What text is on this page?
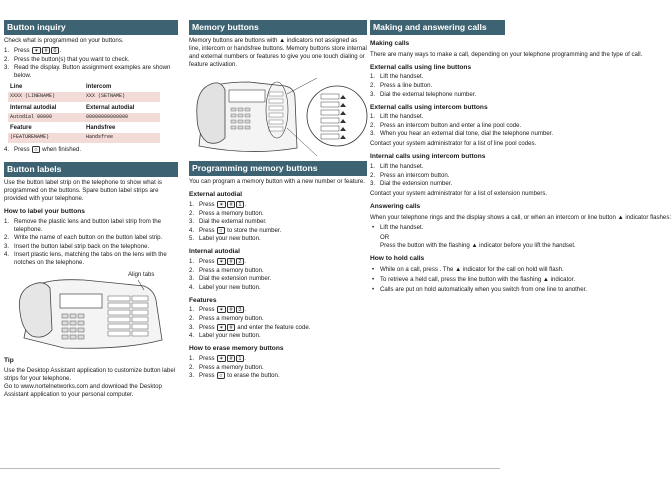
Button inquiry

Check what is programmed on your buttons.

1. Press ✶ # 0 .
2. Press the button(s) that you want to check.
3. Read the display. Button assignment examples are shown below.
Line	Intercom
XXXX (LINENAME)	XXX (SETNAME)

Internal autodial	External autodial
Autodial 00000	00000000000000

Feature	Handsfree
(FEATURENAME)	Handsfree
4. Press ○ when finished.
Button labels

Use the button label strip on the telephone to show what is programmed on the buttons. Spare button label strips are provided with your telephone.

How to label your buttons
1. Remove the plastic lens and button label strip from the telephone.
2. Write the name of each button on the button label strip.
3. Insert the button label strip back on the telephone.
4. Insert plastic lens, matching the tabs on the lens with the notches on the telephone.
Align tabs
Tip

Use the Desktop Assistant application to customize button label strips for your telephone.

Go to www.nortelnetworks.com and download the Desktop Assistant application to your personal computer.

Memory buttons

Memory buttons are buttons with ▲ indicators not assigned as line, intercom or handsfree buttons. Memory buttons store internal and external numbers or features to give you one touch dialing or feature activation.

Programming memory buttons

You can program a memory button with a new number or feature.

External autodial
1. Press ✶ # 1 .
2. Press a memory button.
3. Dial the external number.
4. Press ○ to store the number.
5. Label your new button.
Internal autodial
1. Press ✶ # 2 .
2. Press a memory button.
3. Dial the extension number.
4. Label your new button.
Features
1. Press ✶ # 3 .
2. Press a memory button.
3. Press ✶ # and enter the feature code.
4. Label your new button.
How to erase memory buttons
1. Press ✶ # 1 .
2. Press a memory button.
3. Press ○ to erase the button.
Making and answering calls
Making calls

There are many ways to make a call, depending on your telephone programming and the type of call.

External calls using line buttons
1. Lift the handset.
2. Press a line button.
3. Dial the external telephone number.
External calls using intercom buttons
1. Lift the handset.
2. Press an intercom button and enter a line pool code.
3. When you hear an external dial tone, dial the telephone number.

Contact your system administrator for a list of line pool codes.

Internal calls using intercom buttons
1. Lift the handset.
2. Press an intercom button.
3. Dial the extension number.

Contact your system administrator for a list of extension numbers.

Answering calls

When your telephone rings and the display shows a call, or when an intercom or line button ▲ indicator flashes:

• Lift the handset.
OR
Press the button with the flashing ▲ indicator before you lift the handset.
How to hold calls
• While on a call, press . The ▲ indicator for the call on hold will flash.
• To retrieve a held call, press the line button with the flashing ▲ indicator.
• Calls are put on hold automatically when you switch from one line to another.
